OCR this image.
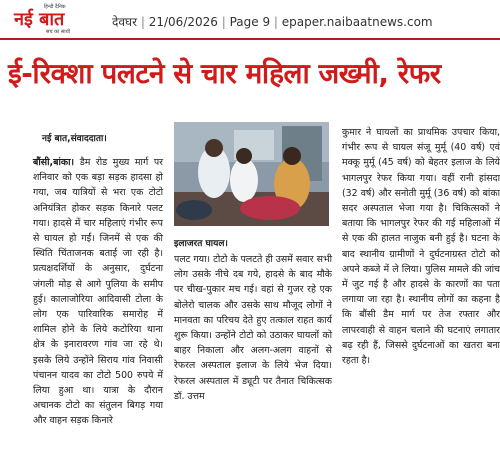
हिन्दी दैनिक
नई बात
सच का साथी
देवघर | 21/06/2026 | Page 9 | epaper.naibaatnews.com
ई-रिक्शा पलटने से चार महिला जख्मी, रेफर
नई बात,संवाददाता।

बौंसी,बांका। डैम रोड मुख्य मार्ग पर शनिवार को एक बड़ा सड़क हादसा हो गया, जब यात्रियों से भरा एक टोटो अनियंत्रित होकर सड़क किनारे पलट गया। हादसे में चार महिलाएं गंभीर रूप से घायल हो गईं। जिनमें से एक की स्थिति चिंताजनक बताई जा रही है। प्रत्यक्षदर्शियों के अनुसार, दुर्घटना जंगली मोड़ से आगे पुलिया के समीप हुई। कालाजोरिया आदिवासी टोला के लोग एक पारिवारिक समारोह में शामिल होने के लिये कटोरिया थाना क्षेत्र के इनारावरण गांव जा रहे थे। इसके लिये उन्होंने सिराय गांव निवासी पंचानन यादव का टोटो 500 रुपये में लिया हुआ था। यात्रा के दौरान अचानक टोटो का संतुलन बिगड़ गया और वाहन सड़क किनारे

इलाजरत घायल।

पलट गया। टोटो के पलटते ही उसमें सवार सभी लोग उसके नीचे दब गये, हादसे के बाद मौके पर चीख-पुकार मच गई। वहां से गुजर रहे एक बोलेरो चालक और उसके साथ मौजूद लोगों ने मानवता का परिचय देते हुए तत्काल राहत कार्य शुरू किया। उन्होंने टोटो को उठाकर घायलों को बाहर निकाला और अलग-अलग वाहनों से रेफरल अस्पताल इलाज के लिये भेज दिया।रेफरल अस्पताल में ड्यूटी पर तैनात चिकित्सक डॉ. उत्तम

कुमार ने घायलों का प्राथमिक उपचार किया, गंभीर रूप से घायल संजू मुर्मू (40 वर्ष) एवं मक्कू मुर्मू (45 वर्ष) को बेहतर इलाज के लिये भागलपुर रेफर किया गया। वहीं रानी हांसदा (32 वर्ष) और सनोती मुर्मू (36 वर्ष) को बांका सदर अस्पताल भेजा गया है। चिकित्सकों ने बताया कि भागलपुर रेफर की गई महिलाओं में से एक की हालत नाजुक बनी हुई है। घटना के बाद स्थानीय ग्रामीणों ने दुर्घटनाग्रस्त टोटो को अपने कब्जे में ले लिया। पुलिस मामले की जांच में जुट गई है और हादसे के कारणों का पता लगाया जा रहा है। स्थानीय लोगों का कहना है कि बौंसी डैम मार्ग पर तेज रफ्तार और लापरवाही से वाहन चलाने की घटनाएं लगातार बढ़ रही हैं, जिससे दुर्घटनाओं का खतरा बना रहता है।
